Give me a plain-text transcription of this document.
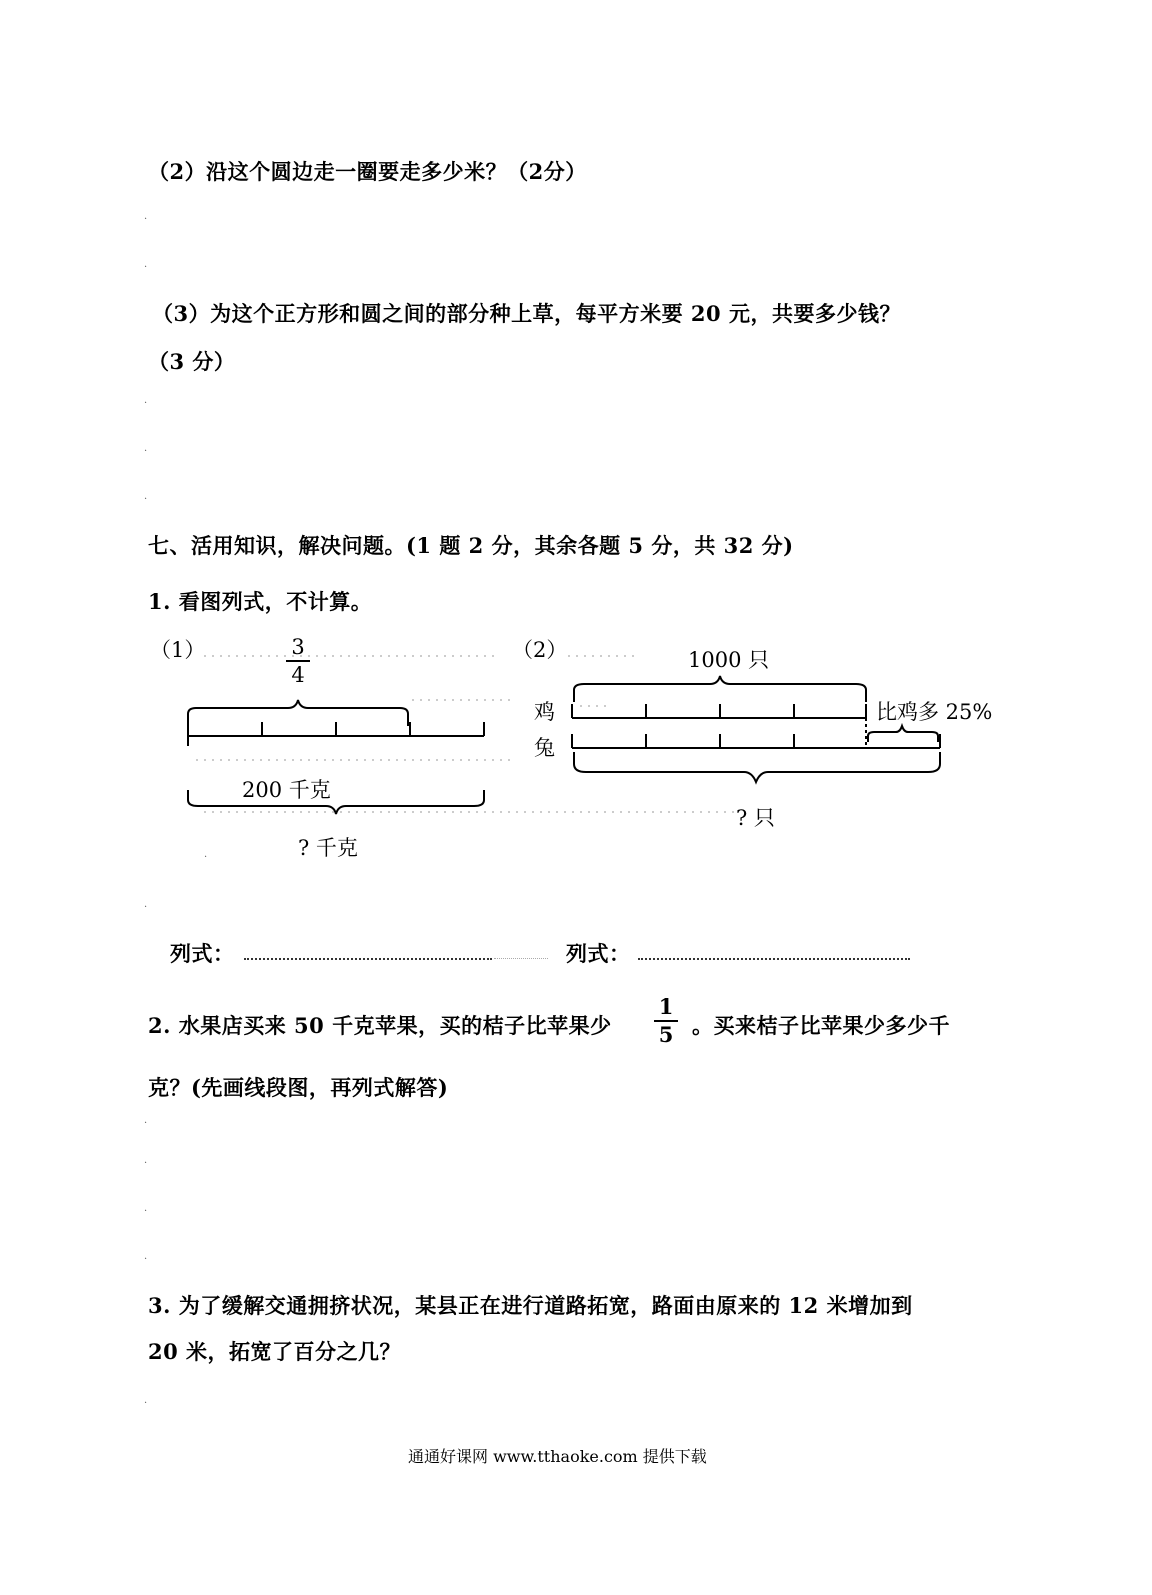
（2）沿这个圆边走一圈要走多少米？（2分）
·
·
（3）为这个正方形和圆之间的部分种上草，每平方米要 20 元，共要多少钱？
（3 分）
·
·
·
七、活用知识，解决问题。(1 题 2 分，其余各题 5 分，共 32 分)
1. 看图列式，不计算。
（1）	3
4
200 千克
? 千克
（2）	1000 只
鸡
兔
比鸡多 25%
? 只
·
·
列式：	列式：
2. 水果店买来 50 千克苹果，买的桔子比苹果少
1
5 。买来桔子比苹果少多少千
克？(先画线段图，再列式解答)
·
·
·
·
3. 为了缓解交通拥挤状况，某县正在进行道路拓宽，路面由原来的 12 米增加到
20 米，拓宽了百分之几？
·
通通好课网 www.tthaoke.com 提供下载
